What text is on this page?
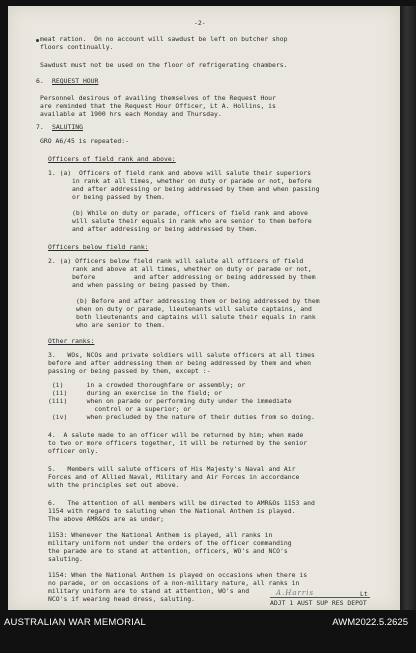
-2-
meat ration.  On no account will sawdust be left on butcher shop
floors continually.
Sawdust must not be used on the floor of refrigerating chambers.
Personnel desirous of availing themselves of the Request Hour
are reminded that the Request Hour Officer, Lt A. Hollins, is
available at 1900 hrs each Monday and Thursday.
GRO A6/45 is repeated:-
1. (a)  Officers of field rank and above will salute their superiors
in rank at all times, whether on duty or parade or not, before
and after addressing or being addressed by them and when passing
or being passed by them.
(b) While on duty or parade, officers of field rank and above
will salute their equals in rank who are senior to them before
and after addressing or being addressed by them.
2. (a) Officers below field rank will salute all officers of field
rank and above at all times, whether on duty or parade or not,
before          and after addressing or being addressed by them
and when passing or being passed by them.
(b) Before and after addressing them or being addressed by them
when on duty or parade, lieutenants will salute captains, and
both lieutenants and captains will salute their equals in rank
who are senior to them.
3.   WOs, NCOs and private soldiers will salute officers at all times
before and after addressing them or being addressed by them and when
passing or being passed by them, except :-
(i)      in a crowded thoroughfare or assembly; or
(ii)     during an exercise in the field; or
(iii)     when on parade or performing duty under the immediate
control or a superior; or
(iv)     when precluded by the nature of their duties from so doing.
4.  A salute made to an officer will be returned by him; when made
to two or more officers together, it will be returned by the senior
officer only.
5.   Members will salute officers of His Majesty's Naval and Air
Forces and of Allied Naval, Military and Air Forces in accordance
with the principles set out above.
6.   The attention of all members will be directed to AMR&Os 1153 and
1154 with regard to saluting when the National Anthem is played.
The above AMR&Os are as under;
1153: Whenever the National Anthem is played, all ranks in
military uniform not under the orders of the officer commanding
the parade are to stand at attention, officers, WO's and NCO's
saluting.
1154: When the National Anthem is played on occasions when there is
no parade, or on occasions of a non-military nature, all ranks in
military uniform are to stand at attention, WO's and
NCO's if wearing head dress, saluting.
6. REQUEST HOUR
7. SALUTING
Officers of field rank and above:
Officers below field rank:
Other ranks:
A.Harris	Lt
ADJT 1 AUST SUP RES DEPOT
AUSTRALIAN WAR MEMORIAL	AWM2022.5.2625
